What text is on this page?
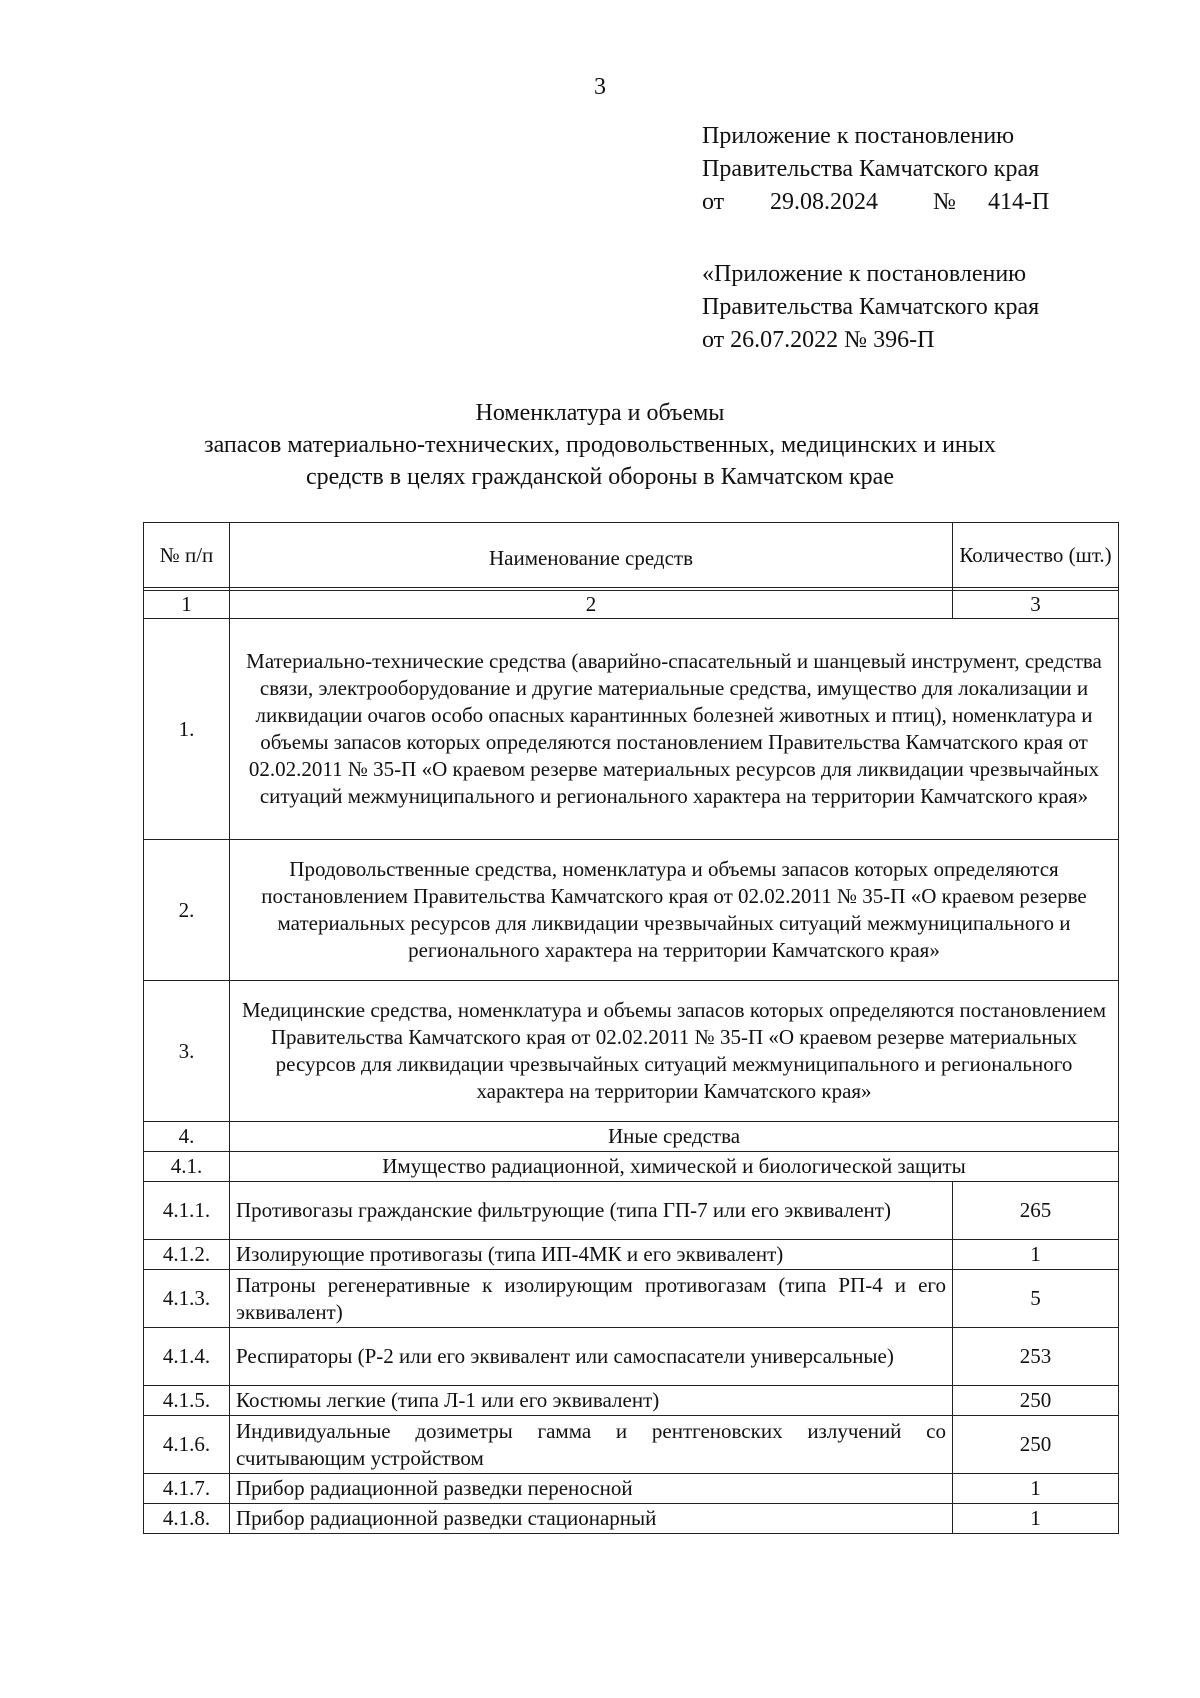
3
Приложение к постановлению
Правительства Камчатского края
от 29.08.2024 № 414-П
«Приложение к постановлению
Правительства Камчатского края
от 26.07.2022 № 396-П
Номенклатура и объемы
запасов материально-технических, продовольственных, медицинских и иных
средств в целях гражданской обороны в Камчатском крае
№ п/п	Наименование средств	Количество (шт.)

1	2	3
1.	Материально-технические средства (аварийно-спасательный и шанцевый инструмент, средства связи, электрооборудование и другие материальные средства, имущество для локализации и ликвидации очагов особо опасных карантинных болезней животных и птиц), номенклатура и объемы запасов которых определяются постановлением Правительства Камчатского края от 02.02.2011 № 35-П «О краевом резерве материальных ресурсов для ликвидации чрезвычайных ситуаций межмуниципального и регионального характера на территории Камчатского края»	
2.	Продовольственные средства, номенклатура и объемы запасов которых определяются постановлением Правительства Камчатского края от 02.02.2011 № 35-П «О краевом резерве материальных ресурсов для ликвидации чрезвычайных ситуаций межмуниципального и регионального характера на территории Камчатского края»	
3.	Медицинские средства, номенклатура и объемы запасов которых определяются постановлением Правительства Камчатского края от 02.02.2011 № 35-П «О краевом резерве материальных ресурсов для ликвидации чрезвычайных ситуаций межмуниципального и регионального характера на территории Камчатского края»	
4.	Иные средства	
4.1.	Имущество радиационной, химической и биологической защиты	
4.1.1.	Противогазы гражданские фильтрующие (типа ГП-7 или его эквивалент)	265
4.1.2.	Изолирующие противогазы (типа ИП-4МК и его эквивалент)	1
4.1.3.	Патроны регенеративные к изолирующим противогазам (типа РП-4 и его эквивалент)	5
4.1.4.	Респираторы (Р-2 или его эквивалент или самоспасатели универсальные)	253
4.1.5.	Костюмы легкие (типа Л-1 или его эквивалент)	250
4.1.6.	Индивидуальные дозиметры гамма и рентгеновских излучений со считывающим устройством	250
4.1.7.	Прибор радиационной разведки переносной	1
4.1.8.	Прибор радиационной разведки стационарный	1
